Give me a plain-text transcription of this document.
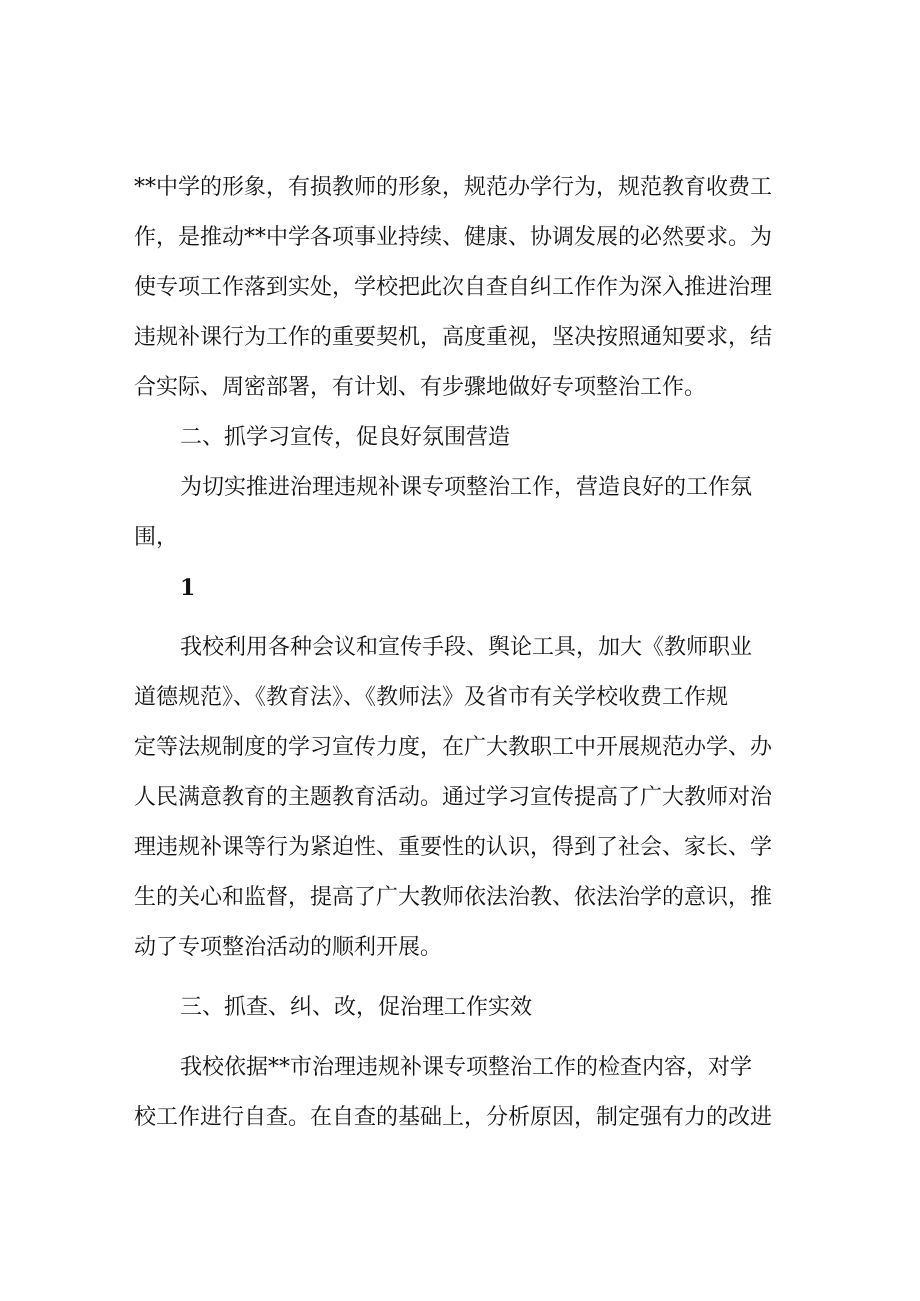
**中学的形象，有损教师的形象，规范办学行为，规范教育收费工

作，是推动**中学各项事业持续、健康、协调发展的必然要求。为

使专项工作落到实处，学校把此次自查自纠工作作为深入推进治理

违规补课行为工作的重要契机，高度重视，坚决按照通知要求，结

合实际、周密部署，有计划、有步骤地做好专项整治工作。

二、抓学习宣传，促良好氛围营造

为切实推进治理违规补课专项整治工作，营造良好的工作氛

围，

1

我校利用各种会议和宣传手段、舆论工具，加大《教师职业

道德规范》、《教育法》、《教师法》及省市有关学校收费工作规

定等法规制度的学习宣传力度，在广大教职工中开展规范办学、办

人民满意教育的主题教育活动。通过学习宣传提高了广大教师对治

理违规补课等行为紧迫性、重要性的认识，得到了社会、家长、学

生的关心和监督，提高了广大教师依法治教、依法治学的意识，推

动了专项整治活动的顺利开展。

三、抓查、纠、改，促治理工作实效

我校依据**市治理违规补课专项整治工作的检查内容，对学

校工作进行自查。在自查的基础上，分析原因，制定强有力的改进
